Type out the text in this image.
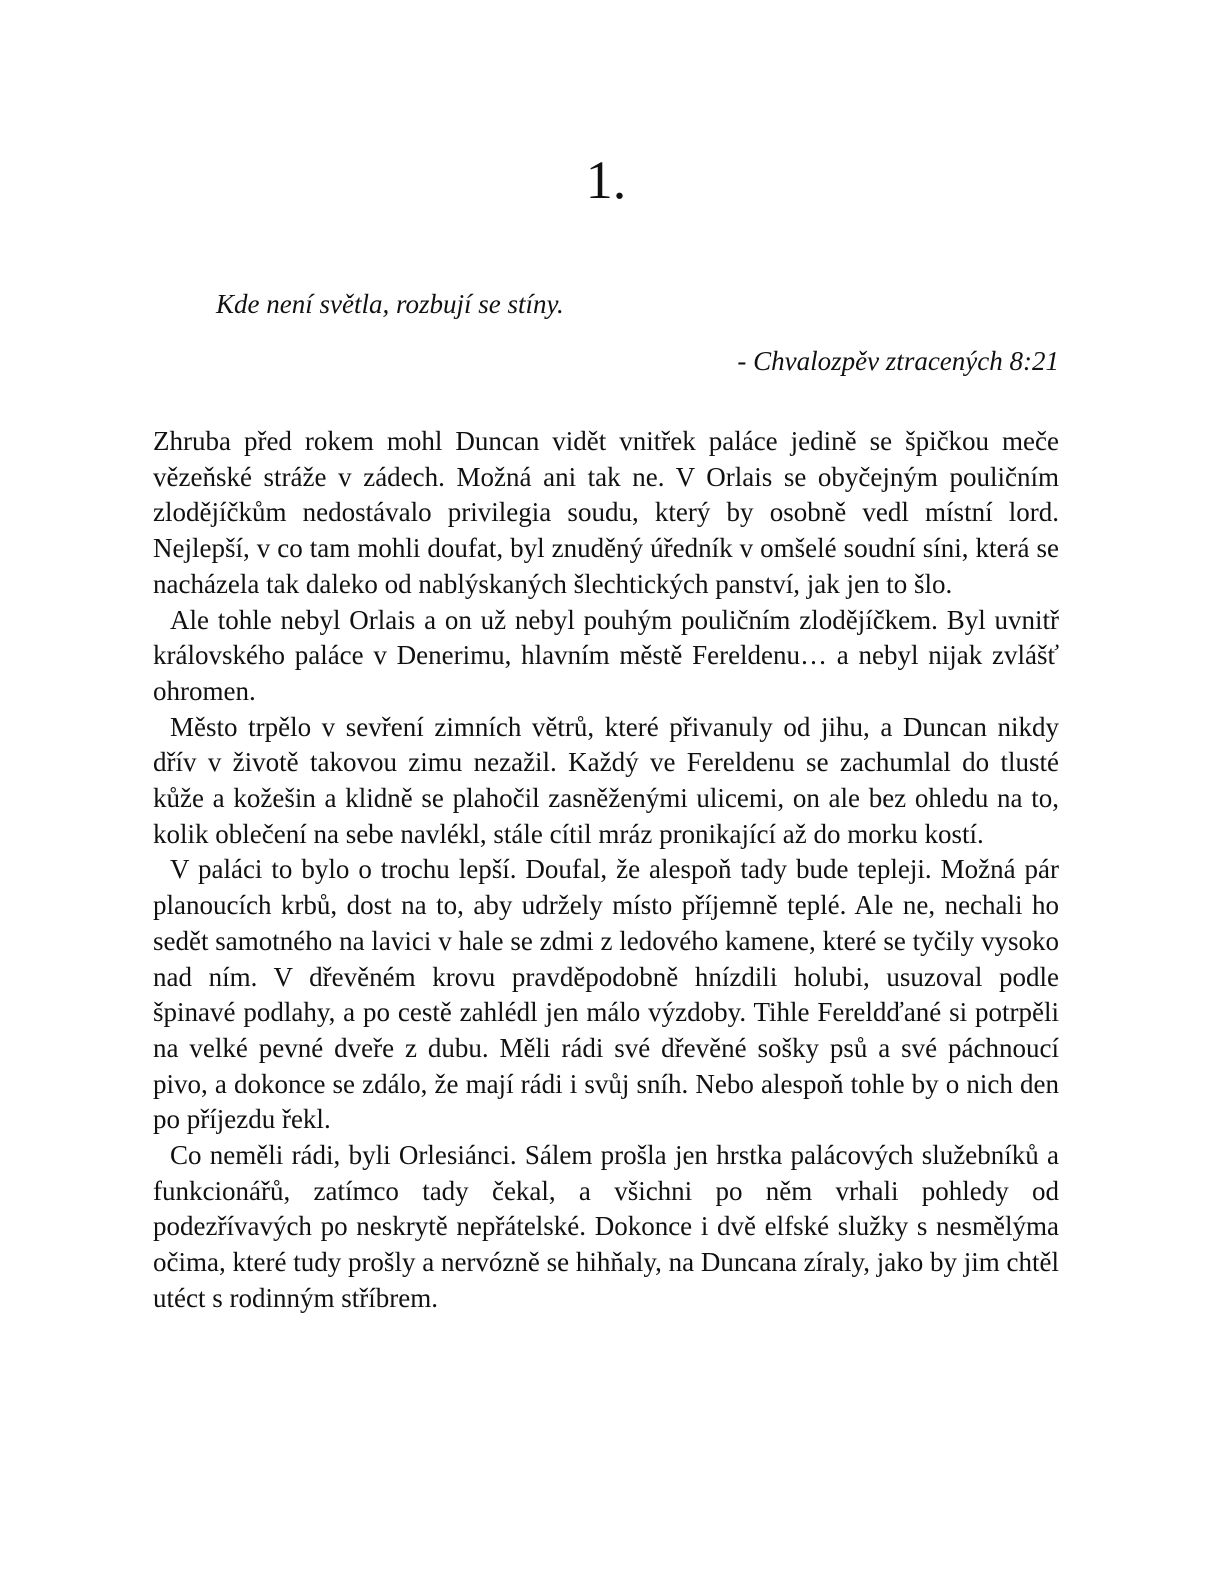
1.

Kde není světla, rozbují se stíny.

- Chvalozpěv ztracených 8:21

Zhruba před rokem mohl Duncan vidět vnitřek paláce jedině se špičkou meče vězeňské stráže v zádech. Možná ani tak ne. V Orlais se obyčejným pouličním zlodějíčkům nedostávalo privilegia soudu, který by osobně vedl místní lord. Nejlepší, v co tam mohli doufat, byl znuděný úředník v omšelé soudní síni, která se nacházela tak daleko od nablýskaných šlechtických panství, jak jen to šlo.

Ale tohle nebyl Orlais a on už nebyl pouhým pouličním zlodějíčkem. Byl uvnitř královského paláce v Denerimu, hlavním městě Fereldenu… a nebyl nijak zvlášť ohromen.

Město trpělo v sevření zimních větrů, které přivanuly od jihu, a Duncan nikdy dřív v životě takovou zimu nezažil. Každý ve Fereldenu se zachumlal do tlusté kůže a kožešin a klidně se plahočil zasněženými ulicemi, on ale bez ohledu na to, kolik oblečení na sebe navlékl, stále cítil mráz pronikající až do morku kostí.

V paláci to bylo o trochu lepší. Doufal, že alespoň tady bude tepleji. Možná pár planoucích krbů, dost na to, aby udržely místo příjemně teplé. Ale ne, nechali ho sedět samotného na lavici v hale se zdmi z ledového kamene, které se tyčily vysoko nad ním. V dřevěném krovu pravděpodobně hnízdili holubi, usuzoval podle špinavé podlahy, a po cestě zahlédl jen málo výzdoby. Tihle Fereldďané si potrpěli na velké pevné dveře z dubu. Měli rádi své dřevěné sošky psů a své páchnoucí pivo, a dokonce se zdálo, že mají rádi i svůj sníh. Nebo alespoň tohle by o nich den po příjezdu řekl.

Co neměli rádi, byli Orlesiánci. Sálem prošla jen hrstka palácových služebníků a funkcionářů, zatímco tady čekal, a všichni po něm vrhali pohledy od podezřívavých po neskrytě nepřátelské. Dokonce i dvě elfské služky s nesmělýma očima, které tudy prošly a nervózně se hihňaly, na Duncana zíraly, jako by jim chtěl utéct s rodinným stříbrem.
